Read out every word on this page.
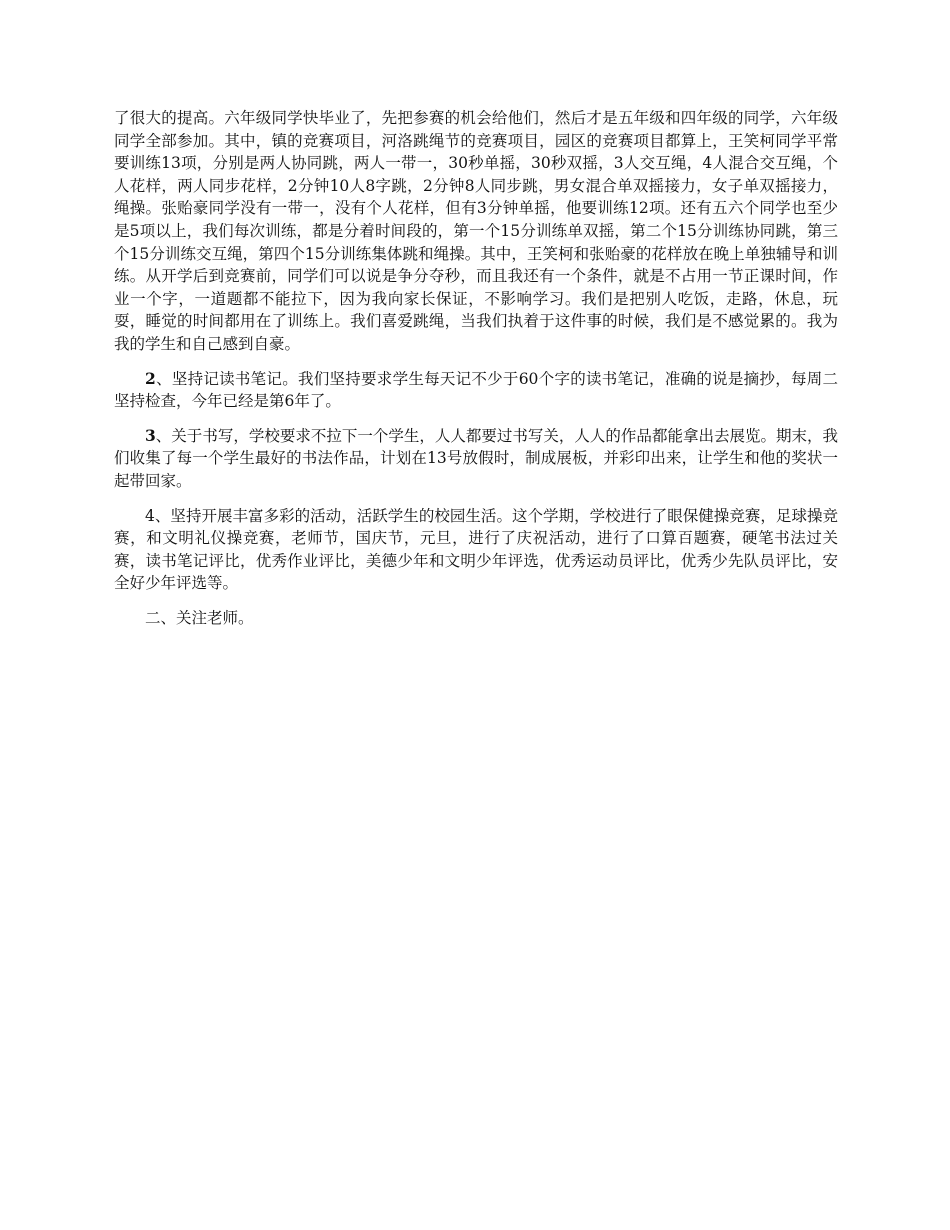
了很大的提高。六年级同学快毕业了，先把参赛的机会给他们，然后才是五年级和四年级的同学，六年级同学全部参加。其中，镇的竞赛项目，河洛跳绳节的竞赛项目，园区的竞赛项目都算上，王笑柯同学平常要训练13项，分别是两人协同跳，两人一带一，30秒单摇，30秒双摇，3人交互绳，4人混合交互绳，个人花样，两人同步花样，2分钟10人8字跳，2分钟8人同步跳，男女混合单双摇接力，女子单双摇接力，绳操。张贻豪同学没有一带一，没有个人花样，但有3分钟单摇，他要训练12项。还有五六个同学也至少是5项以上，我们每次训练，都是分着时间段的，第一个15分训练单双摇，第二个15分训练协同跳，第三个15分训练交互绳，第四个15分训练集体跳和绳操。其中，王笑柯和张贻豪的花样放在晚上单独辅导和训练。从开学后到竞赛前，同学们可以说是争分夺秒，而且我还有一个条件，就是不占用一节正课时间，作业一个字，一道题都不能拉下，因为我向家长保证，不影响学习。我们是把别人吃饭，走路，休息，玩耍，睡觉的时间都用在了训练上。我们喜爱跳绳，当我们执着于这件事的时候，我们是不感觉累的。我为我的学生和自己感到自豪。

2、坚持记读书笔记。我们坚持要求学生每天记不少于60个字的读书笔记，准确的说是摘抄，每周二坚持检查，今年已经是第6年了。

3、关于书写，学校要求不拉下一个学生，人人都要过书写关，人人的作品都能拿出去展览。期末，我们收集了每一个学生最好的书法作品，计划在13号放假时，制成展板，并彩印出来，让学生和他的奖状一起带回家。

4、坚持开展丰富多彩的活动，活跃学生的校园生活。这个学期，学校进行了眼保健操竞赛，足球操竞赛，和文明礼仪操竞赛，老师节，国庆节，元旦，进行了庆祝活动，进行了口算百题赛，硬笔书法过关赛，读书笔记评比，优秀作业评比，美德少年和文明少年评选，优秀运动员评比，优秀少先队员评比，安全好少年评选等。

二、关注老师。
